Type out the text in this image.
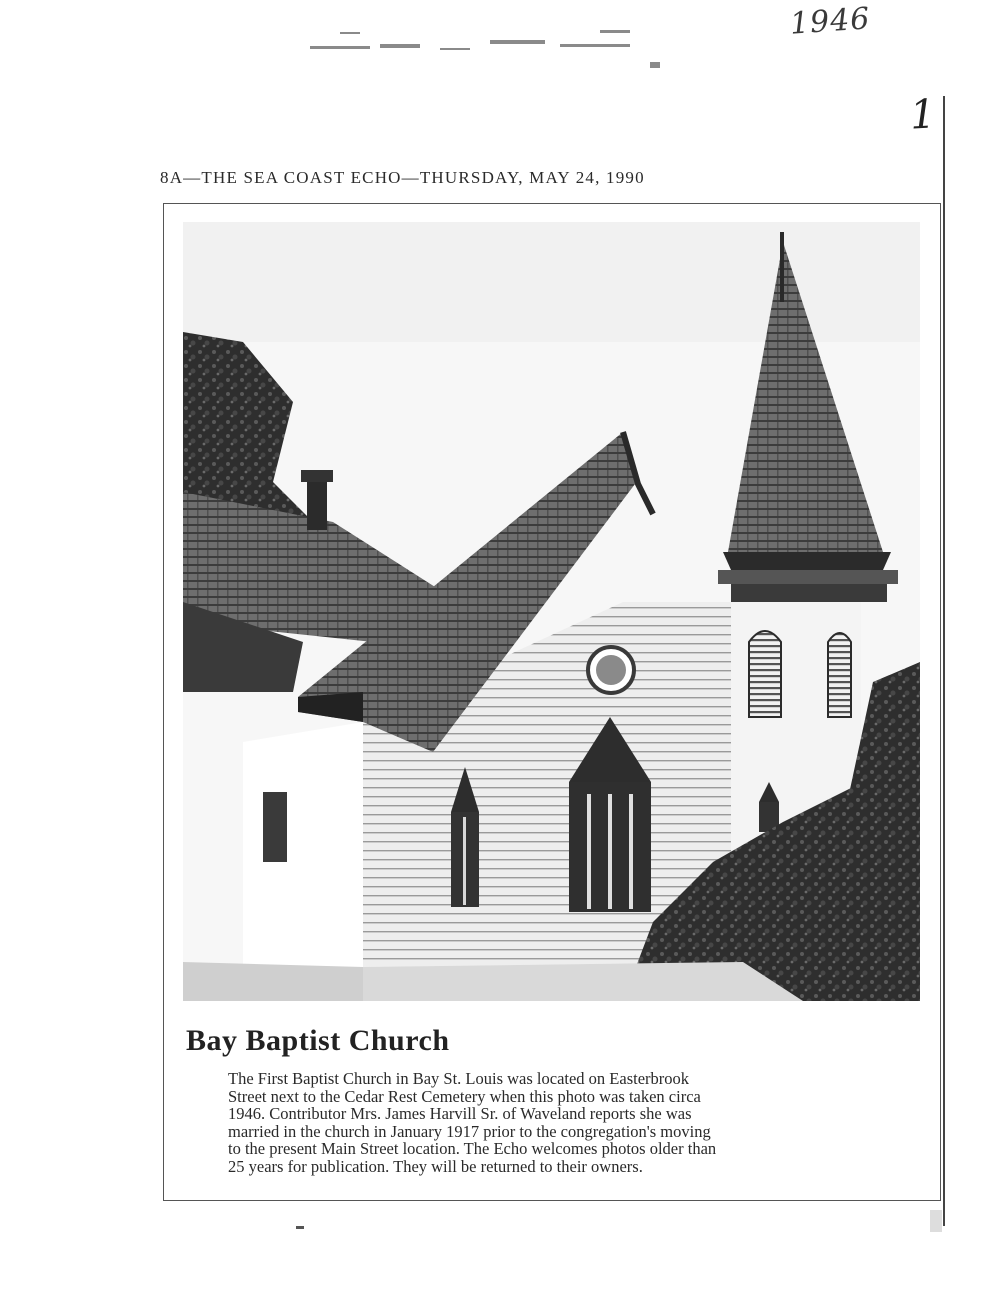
1946
1
8A—THE SEA COAST ECHO—THURSDAY, MAY 24, 1990
Bay Baptist Church
The First Baptist Church in Bay St. Louis was located on Easterbrook
Street next to the Cedar Rest Cemetery when this photo was taken circa
1946. Contributor Mrs. James Harvill Sr. of Waveland reports she was
married in the church in January 1917 prior to the congregation's moving
to the present Main Street location. The Echo welcomes photos older than
25 years for publication. They will be returned to their owners.
